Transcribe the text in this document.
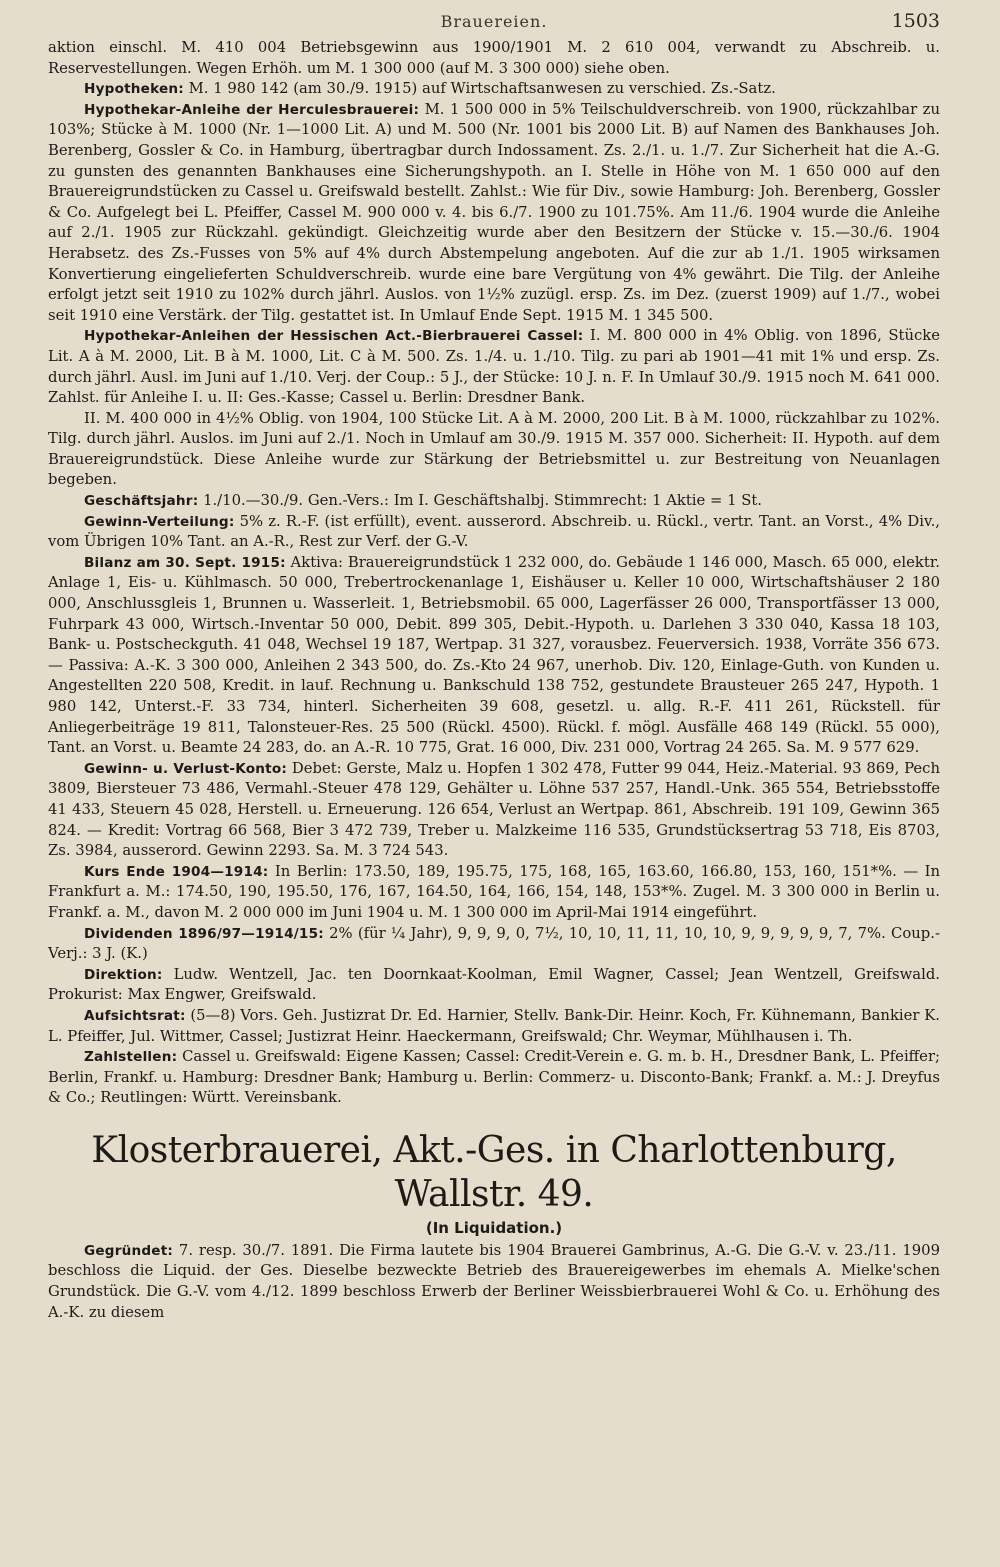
Brauereien.	1503

aktion einschl. M. 410 004 Betriebsgewinn aus 1900/1901 M. 2 610 004, verwandt zu Abschreib. u. Reservestellungen. Wegen Erhöh. um M. 1 300 000 (auf M. 3 300 000) siehe oben.

Hypotheken: M. 1 980 142 (am 30./9. 1915) auf Wirtschaftsanwesen zu verschied. Zs.-Satz.

Hypothekar-Anleihe der Herculesbrauerei: M. 1 500 000 in 5% Teilschuldverschreib. von 1900, rückzahlbar zu 103%; Stücke à M. 1000 (Nr. 1—1000 Lit. A) und M. 500 (Nr. 1001 bis 2000 Lit. B) auf Namen des Bankhauses Joh. Berenberg, Gossler & Co. in Hamburg, übertragbar durch Indossament. Zs. 2./1. u. 1./7. Zur Sicherheit hat die A.-G. zu gunsten des genannten Bankhauses eine Sicherungshypoth. an I. Stelle in Höhe von M. 1 650 000 auf den Brauereigrundstücken zu Cassel u. Greifswald bestellt. Zahlst.: Wie für Div., sowie Hamburg: Joh. Berenberg, Gossler & Co. Aufgelegt bei L. Pfeiffer, Cassel M. 900 000 v. 4. bis 6./7. 1900 zu 101.75%. Am 11./6. 1904 wurde die Anleihe auf 2./1. 1905 zur Rückzahl. gekündigt. Gleichzeitig wurde aber den Besitzern der Stücke v. 15.—30./6. 1904 Herabsetz. des Zs.-Fusses von 5% auf 4% durch Abstempelung angeboten. Auf die zur ab 1./1. 1905 wirksamen Konvertierung eingelieferten Schuldverschreib. wurde eine bare Vergütung von 4% gewährt. Die Tilg. der Anleihe erfolgt jetzt seit 1910 zu 102% durch jährl. Auslos. von 1½% zuzügl. ersp. Zs. im Dez. (zuerst 1909) auf 1./7., wobei seit 1910 eine Verstärk. der Tilg. gestattet ist. In Umlauf Ende Sept. 1915 M. 1 345 500.

Hypothekar-Anleihen der Hessischen Act.-Bierbrauerei Cassel: I. M. 800 000 in 4% Oblig. von 1896, Stücke Lit. A à M. 2000, Lit. B à M. 1000, Lit. C à M. 500. Zs. 1./4. u. 1./10. Tilg. zu pari ab 1901—41 mit 1% und ersp. Zs. durch jährl. Ausl. im Juni auf 1./10. Verj. der Coup.: 5 J., der Stücke: 10 J. n. F. In Umlauf 30./9. 1915 noch M. 641 000. Zahlst. für Anleihe I. u. II: Ges.-Kasse; Cassel u. Berlin: Dresdner Bank.

II. M. 400 000 in 4½% Oblig. von 1904, 100 Stücke Lit. A à M. 2000, 200 Lit. B à M. 1000, rückzahlbar zu 102%. Tilg. durch jährl. Auslos. im Juni auf 2./1. Noch in Umlauf am 30./9. 1915 M. 357 000. Sicherheit: II. Hypoth. auf dem Brauereigrundstück. Diese Anleihe wurde zur Stärkung der Betriebsmittel u. zur Bestreitung von Neuanlagen begeben.

Geschäftsjahr: 1./10.—30./9. Gen.-Vers.: Im I. Geschäftshalbj. Stimmrecht: 1 Aktie = 1 St.

Gewinn-Verteilung: 5% z. R.-F. (ist erfüllt), event. ausserord. Abschreib. u. Rückl., vertr. Tant. an Vorst., 4% Div., vom Übrigen 10% Tant. an A.-R., Rest zur Verf. der G.-V.

Bilanz am 30. Sept. 1915: Aktiva: Brauereigrundstück 1 232 000, do. Gebäude 1 146 000, Masch. 65 000, elektr. Anlage 1, Eis- u. Kühlmasch. 50 000, Trebertrockenanlage 1, Eishäuser u. Keller 10 000, Wirtschaftshäuser 2 180 000, Anschlussgleis 1, Brunnen u. Wasserleit. 1, Betriebsmobil. 65 000, Lagerfässer 26 000, Transportfässer 13 000, Fuhrpark 43 000, Wirtsch.-Inventar 50 000, Debit. 899 305, Debit.-Hypoth. u. Darlehen 3 330 040, Kassa 18 103, Bank- u. Postscheckguth. 41 048, Wechsel 19 187, Wertpap. 31 327, vorausbez. Feuerversich. 1938, Vorräte 356 673. — Passiva: A.-K. 3 300 000, Anleihen 2 343 500, do. Zs.-Kto 24 967, unerhob. Div. 120, Einlage-Guth. von Kunden u. Angestellten 220 508, Kredit. in lauf. Rechnung u. Bankschuld 138 752, gestundete Brausteuer 265 247, Hypoth. 1 980 142, Unterst.-F. 33 734, hinterl. Sicherheiten 39 608, gesetzl. u. allg. R.-F. 411 261, Rückstell. für Anliegerbeiträge 19 811, Talonsteuer-Res. 25 500 (Rückl. 4500). Rückl. f. mögl. Ausfälle 468 149 (Rückl. 55 000), Tant. an Vorst. u. Beamte 24 283, do. an A.-R. 10 775, Grat. 16 000, Div. 231 000, Vortrag 24 265. Sa. M. 9 577 629.

Gewinn- u. Verlust-Konto: Debet: Gerste, Malz u. Hopfen 1 302 478, Futter 99 044, Heiz.-Material. 93 869, Pech 3809, Biersteuer 73 486, Vermahl.-Steuer 478 129, Gehälter u. Löhne 537 257, Handl.-Unk. 365 554, Betriebsstoffe 41 433, Steuern 45 028, Herstell. u. Erneuerung. 126 654, Verlust an Wertpap. 861, Abschreib. 191 109, Gewinn 365 824. — Kredit: Vortrag 66 568, Bier 3 472 739, Treber u. Malzkeime 116 535, Grundstücksertrag 53 718, Eis 8703, Zs. 3984, ausserord. Gewinn 2293. Sa. M. 3 724 543.

Kurs Ende 1904—1914: In Berlin: 173.50, 189, 195.75, 175, 168, 165, 163.60, 166.80, 153, 160, 151*%. — In Frankfurt a. M.: 174.50, 190, 195.50, 176, 167, 164.50, 164, 166, 154, 148, 153*%. Zugel. M. 3 300 000 in Berlin u. Frankf. a. M., davon M. 2 000 000 im Juni 1904 u. M. 1 300 000 im April-Mai 1914 eingeführt.

Dividenden 1896/97—1914/15: 2% (für ¼ Jahr), 9, 9, 9, 0, 7½, 10, 10, 11, 11, 10, 10, 9, 9, 9, 9, 9, 7, 7%. Coup.-Verj.: 3 J. (K.)

Direktion: Ludw. Wentzell, Jac. ten Doornkaat-Koolman, Emil Wagner, Cassel; Jean Wentzell, Greifswald. Prokurist: Max Engwer, Greifswald.

Aufsichtsrat: (5—8) Vors. Geh. Justizrat Dr. Ed. Harnier, Stellv. Bank-Dir. Heinr. Koch, Fr. Kühnemann, Bankier K. L. Pfeiffer, Jul. Wittmer, Cassel; Justizrat Heinr. Haeckermann, Greifswald; Chr. Weymar, Mühlhausen i. Th.

Zahlstellen: Cassel u. Greifswald: Eigene Kassen; Cassel: Credit-Verein e. G. m. b. H., Dresdner Bank, L. Pfeiffer; Berlin, Frankf. u. Hamburg: Dresdner Bank; Hamburg u. Berlin: Commerz- u. Disconto-Bank; Frankf. a. M.: J. Dreyfus & Co.; Reutlingen: Württ. Vereinsbank.

Klosterbrauerei, Akt.-Ges. in Charlottenburg, Wallstr. 49.
(In Liquidation.)

Gegründet: 7. resp. 30./7. 1891. Die Firma lautete bis 1904 Brauerei Gambrinus, A.-G. Die G.-V. v. 23./11. 1909 beschloss die Liquid. der Ges. Dieselbe bezweckte Betrieb des Brauereigewerbes im ehemals A. Mielke'schen Grundstück. Die G.-V. vom 4./12. 1899 beschloss Erwerb der Berliner Weissbierbrauerei Wohl & Co. u. Erhöhung des A.-K. zu diesem
